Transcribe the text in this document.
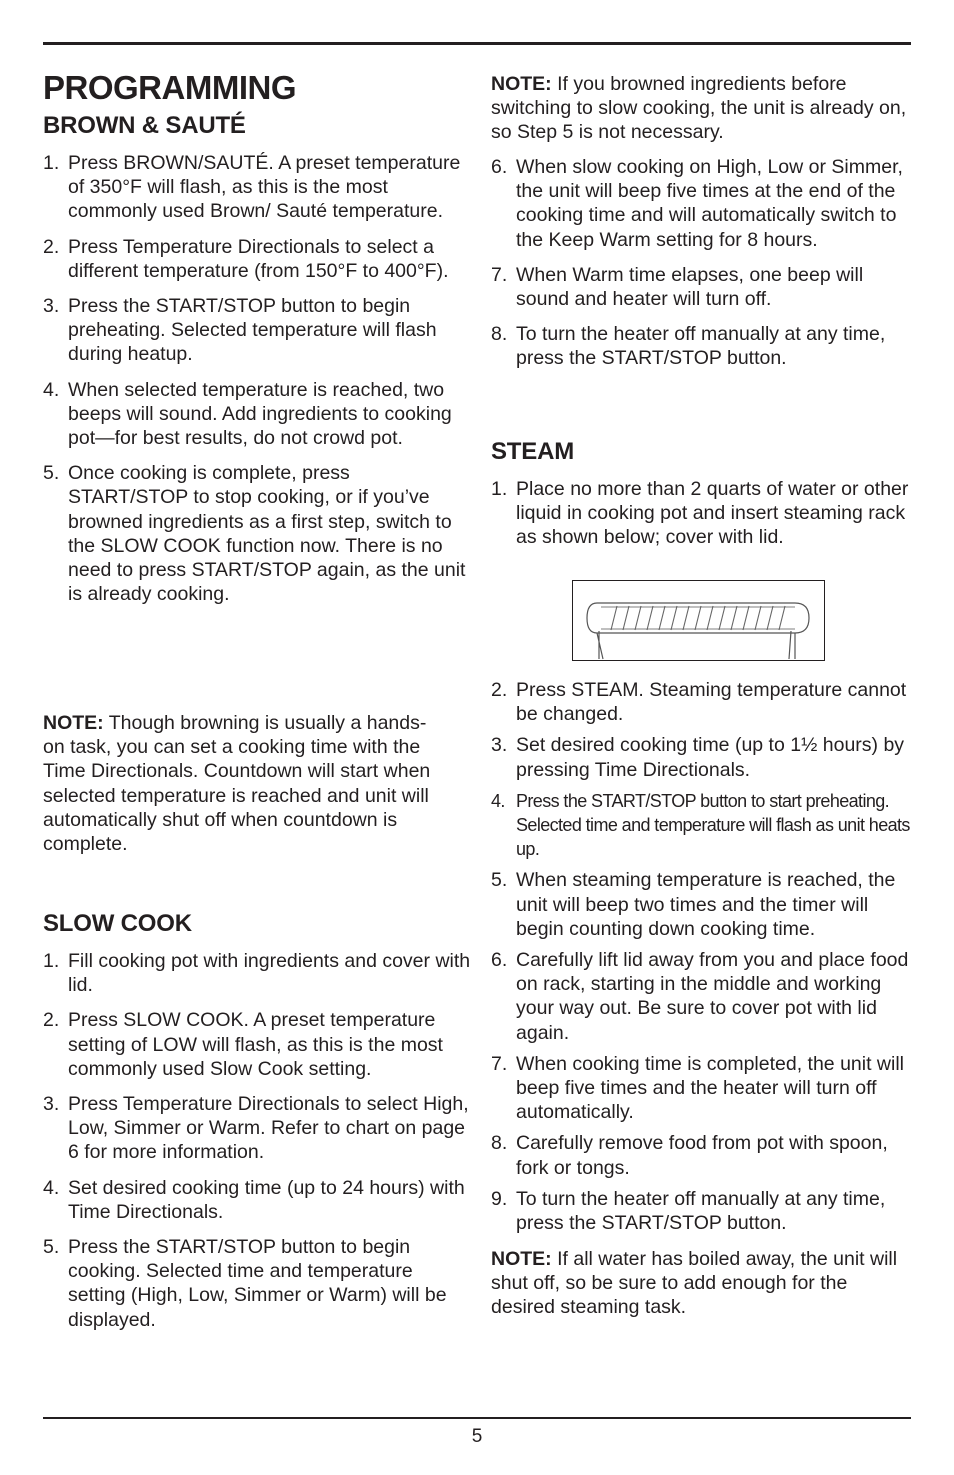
PROGRAMMING
BROWN & SAUTÉ
1. Press BROWN/SAUTÉ. A preset temperature of 350°F will flash, as this is the most commonly used Brown/ Sauté temperature.
2. Press Temperature Directionals to select a different temperature (from 150°F to 400°F).
3. Press the START/STOP button to begin preheating. Selected temperature will flash during heatup.
4. When selected temperature is reached, two beeps will sound. Add ingredients to cooking pot—for best results, do not crowd pot.
5. Once cooking is complete, press START/STOP to stop cooking, or if you’ve browned ingredients as a first step, switch to the SLOW COOK function now. There is no need to press START/STOP again, as the unit is already cooking.

NOTE: Though browning is usually a hands-on task, you can set a cooking time with the Time Directionals. Countdown will start when selected temperature is reached and unit will automatically shut off when countdown is complete.

SLOW COOK
1. Fill cooking pot with ingredients and cover with lid.
2. Press SLOW COOK. A preset temperature setting of LOW will flash, as this is the most commonly used Slow Cook setting.
3. Press Temperature Directionals to select High, Low, Simmer or Warm. Refer to chart on page 6 for more information.
4. Set desired cooking time (up to 24 hours) with Time Directionals.
5. Press the START/STOP button to begin cooking. Selected time and temperature setting (High, Low, Simmer or Warm) will be displayed.

NOTE: If you browned ingredients before switching to slow cooking, the unit is already on, so Step 5 is not necessary.

6. When slow cooking on High, Low or Simmer, the unit will beep five times at the end of the cooking time and will automatically switch to the Keep Warm setting for 8 hours.
7. When Warm time elapses, one beep will sound and heater will turn off.
8. To turn the heater off manually at any time, press the START/STOP button.
STEAM
1. Place no more than 2 quarts of water or other liquid in cooking pot and insert steaming rack as shown below; cover with lid.
2. Press STEAM. Steaming temperature cannot be changed.
3. Set desired cooking time (up to 1½ hours) by pressing Time Directionals.
4. Press the START/STOP button to start preheating. Selected time and temperature will flash as unit heats up.
5. When steaming temperature is reached, the unit will beep two times and the timer will begin counting down cooking time.
6. Carefully lift lid away from you and place food on rack, starting in the middle and working your way out. Be sure to cover pot with lid again.
7. When cooking time is completed, the unit will beep five times and the heater will turn off automatically.
8. Carefully remove food from pot with spoon, fork or tongs.
9. To turn the heater off manually at any time, press the START/STOP button.

NOTE: If all water has boiled away, the unit will shut off, so be sure to add enough for the desired steaming task.

5
